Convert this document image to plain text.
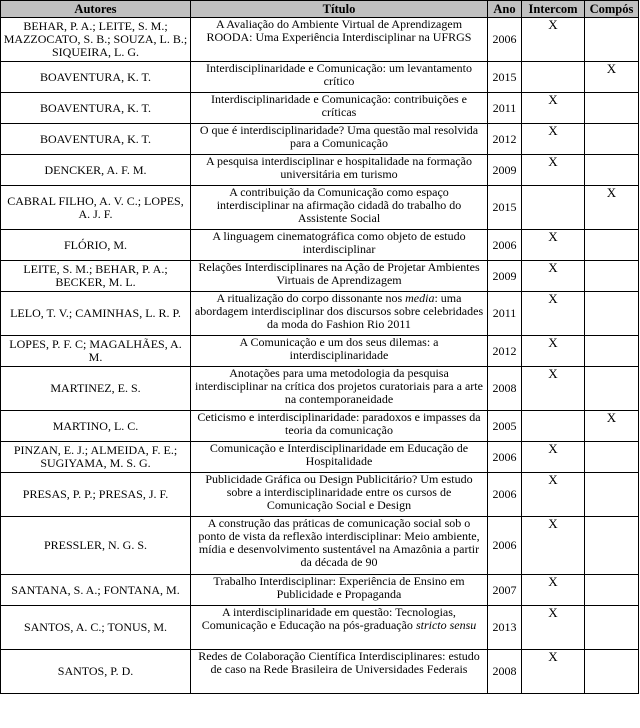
Autores	Título	Ano	Intercom	Compós
BEHAR, P. A.; LEITE, S. M.; MAZZOCATO, S. B.; SOUZA, L. B.; SIQUEIRA, L. G.	A Avaliação do Ambiente Virtual de Aprendizagem ROODA: Uma Experiência Interdisciplinar na UFRGS	2006	X	
BOAVENTURA, K. T.	Interdisciplinaridade e Comunicação: um levantamento crítico	2015		X
BOAVENTURA, K. T.	Interdisciplinaridade e Comunicação: contribuições e críticas	2011	X	
BOAVENTURA, K. T.	O que é interdisciplinaridade? Uma questão mal resolvida para a Comunicação	2012	X	
DENCKER, A. F. M.	A pesquisa interdisciplinar e hospitalidade na formação universitária em turismo	2009	X	
CABRAL FILHO, A. V. C.; LOPES, A. J. F.	A contribuição da Comunicação como espaço interdisciplinar na afirmação cidadã do trabalho do Assistente Social	2015		X
FLÓRIO, M.	A linguagem cinematográfica como objeto de estudo interdisciplinar	2006	X	
LEITE, S. M.; BEHAR, P. A.; BECKER, M. L.	Relações Interdisciplinares na Ação de Projetar Ambientes Virtuais de Aprendizagem	2009	X	
LELO, T. V.; CAMINHAS, L. R. P.	A ritualização do corpo dissonante nos media: uma abordagem interdisciplinar dos discursos sobre celebridades da moda do Fashion Rio 2011	2011	X	
LOPES, P. F. C; MAGALHÃES, A. M.	A Comunicação e um dos seus dilemas: a interdisciplinaridade	2012	X	
MARTINEZ, E. S.	Anotações para uma metodologia da pesquisa interdisciplinar na crítica dos projetos curatoriais para a arte na contemporaneidade	2008	X	
MARTINO, L. C.	Ceticismo e interdisciplinaridade: paradoxos e impasses da teoria da comunicação	2005		X
PINZAN, E. J.; ALMEIDA, F. E.; SUGIYAMA, M. S. G.	Comunicação e Interdisciplinaridade em Educação de Hospitalidade	2006	X	
PRESAS, P. P.; PRESAS, J. F.	Publicidade Gráfica ou Design Publicitário? Um estudo sobre a interdisciplinaridade entre os cursos de Comunicação Social e Design	2006	X	
PRESSLER, N. G. S.	A construção das práticas de comunicação social sob o ponto de vista da reflexão interdisciplinar: Meio ambiente, mídia e desenvolvimento sustentável na Amazônia a partir da década de 90	2006	X	
SANTANA, S. A.; FONTANA, M.	Trabalho Interdisciplinar: Experiência de Ensino em Publicidade e Propaganda	2007	X	
SANTOS, A. C.; TONUS, M.	A interdisciplinaridade em questão: Tecnologias, Comunicação e Educação na pós-graduação stricto sensu	2013	X	
SANTOS, P. D.	Redes de Colaboração Científica Interdisciplinares: estudo de caso na Rede Brasileira de Universidades Federais	2008	X	
